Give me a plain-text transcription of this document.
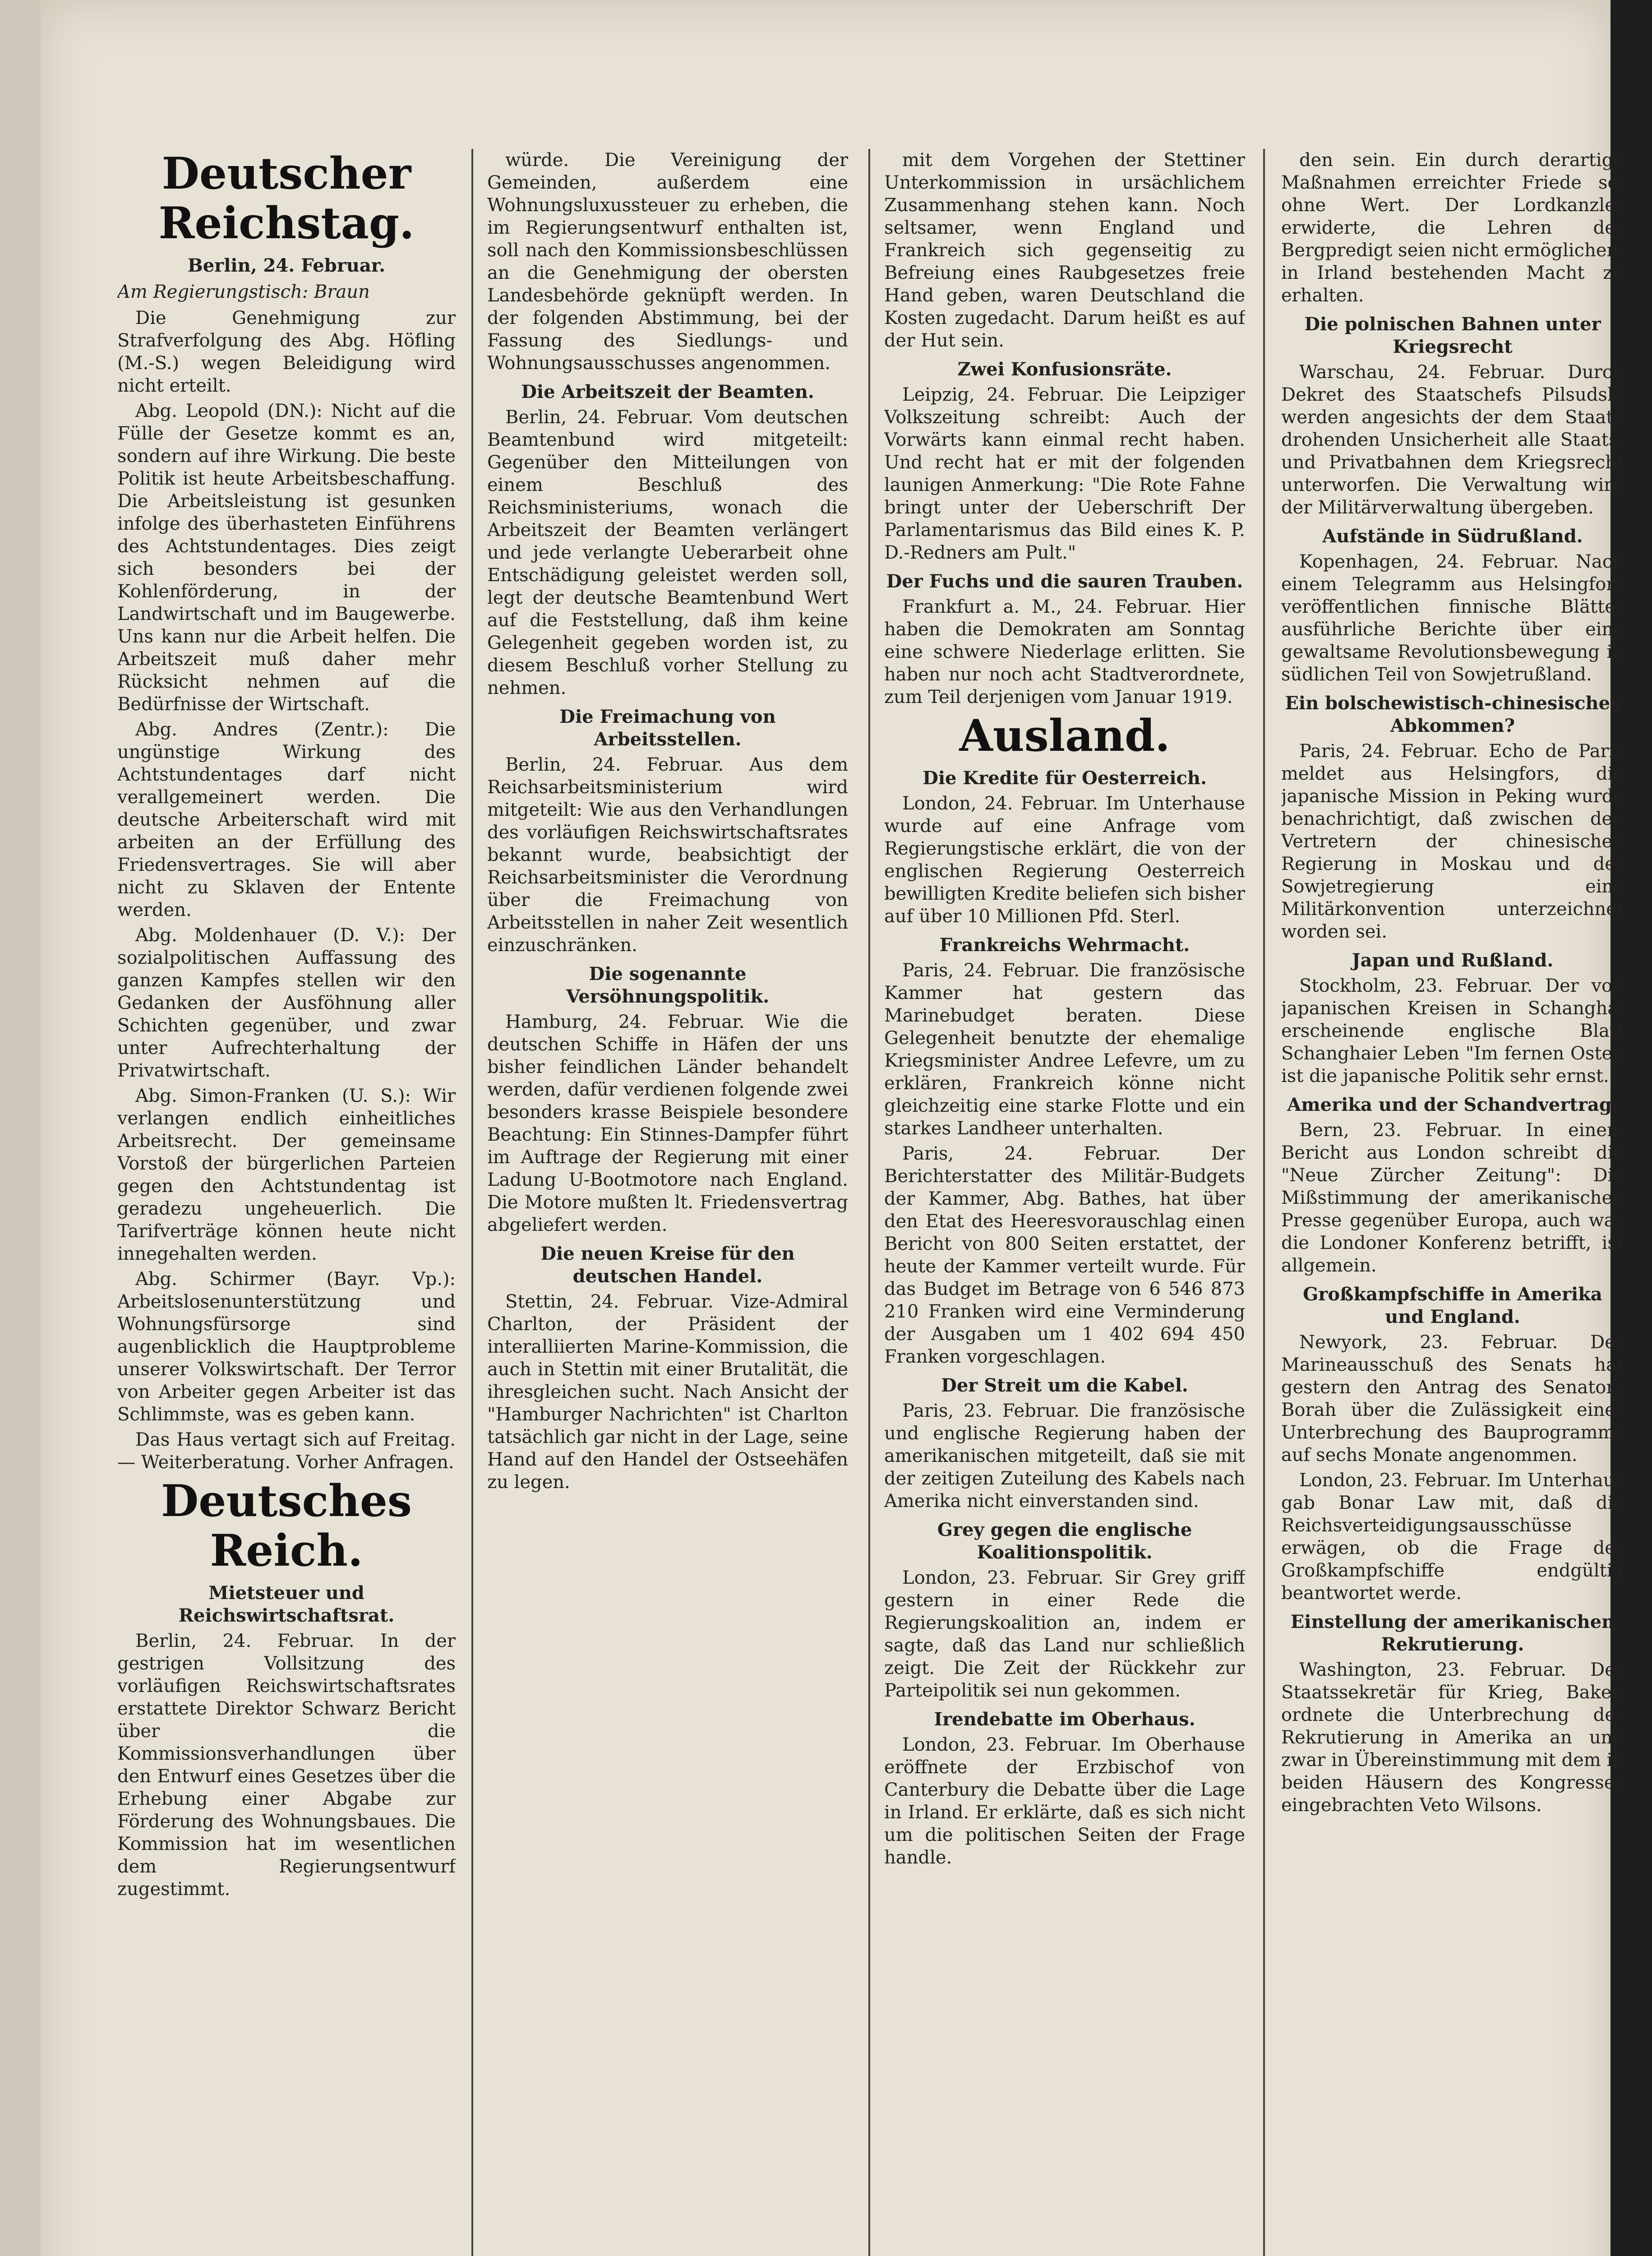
Deutscher Reichstag.
Berlin, 24. Februar.
Am Regierungstisch: Braun

Die Genehmigung zur Strafverfolgung des Abg. Höfling (M.-S.) wegen Beleidigung wird nicht erteilt.

Abg. Leopold (DN.): Nicht auf die Fülle der Gesetze kommt es an, sondern auf ihre Wirkung. Die beste Politik ist heute Arbeitsbeschaffung. Die Arbeitsleistung ist gesunken infolge des überhasteten Einführens des Achtstundentages. Dies zeigt sich besonders bei der Kohlenförderung, in der Landwirtschaft und im Baugewerbe. Uns kann nur die Arbeit helfen. Die Arbeitszeit muß daher mehr Rücksicht nehmen auf die Bedürfnisse der Wirtschaft.

Abg. Andres (Zentr.): Die ungünstige Wirkung des Achtstundentages darf nicht verallgemeinert werden. Die deutsche Arbeiterschaft wird mit arbeiten an der Erfüllung des Friedensvertrages. Sie will aber nicht zu Sklaven der Entente werden.

Abg. Moldenhauer (D. V.): Der sozialpolitischen Auffassung des ganzen Kampfes stellen wir den Gedanken der Ausföhnung aller Schichten gegenüber, und zwar unter Aufrechterhaltung der Privatwirtschaft.

Abg. Simon-Franken (U. S.): Wir verlangen endlich einheitliches Arbeitsrecht. Der gemeinsame Vorstoß der bürgerlichen Parteien gegen den Achtstundentag ist geradezu ungeheuerlich. Die Tarifverträge können heute nicht innegehalten werden.

Abg. Schirmer (Bayr. Vp.): Arbeitslosenunterstützung und Wohnungsfürsorge sind augenblicklich die Hauptprobleme unserer Volkswirtschaft. Der Terror von Arbeiter gegen Arbeiter ist das Schlimmste, was es geben kann.

Das Haus vertagt sich auf Freitag. — Weiterberatung. Vorher Anfragen.

Deutsches Reich.
Mietsteuer und Reichswirtschaftsrat.

Berlin, 24. Februar. In der gestrigen Vollsitzung des vorläufigen Reichswirtschaftsrates erstattete Direktor Schwarz Bericht über die Kommissionsverhandlungen über den Entwurf eines Gesetzes über die Erhebung einer Abgabe zur Förderung des Wohnungsbaues. Die Kommission hat im wesentlichen dem Regierungsentwurf zugestimmt.

würde. Die Vereinigung der Gemeinden, außerdem eine Wohnungsluxussteuer zu erheben, die im Regierungsentwurf enthalten ist, soll nach den Kommissionsbeschlüssen an die Genehmigung der obersten Landesbehörde geknüpft werden. In der folgenden Abstimmung, bei der Fassung des Siedlungs- und Wohnungsausschusses angenommen.

Die Arbeitszeit der Beamten.

Berlin, 24. Februar. Vom deutschen Beamtenbund wird mitgeteilt: Gegenüber den Mitteilungen von einem Beschluß des Reichsministeriums, wonach die Arbeitszeit der Beamten verlängert und jede verlangte Ueberarbeit ohne Entschädigung geleistet werden soll, legt der deutsche Beamtenbund Wert auf die Feststellung, daß ihm keine Gelegenheit gegeben worden ist, zu diesem Beschluß vorher Stellung zu nehmen.

Die Freimachung von Arbeitsstellen.

Berlin, 24. Februar. Aus dem Reichsarbeitsministerium wird mitgeteilt: Wie aus den Verhandlungen des vorläufigen Reichswirtschaftsrates bekannt wurde, beabsichtigt der Reichsarbeitsminister die Verordnung über die Freimachung von Arbeitsstellen in naher Zeit wesentlich einzuschränken.

Die sogenannte Versöhnungspolitik.

Hamburg, 24. Februar. Wie die deutschen Schiffe in Häfen der uns bisher feindlichen Länder behandelt werden, dafür verdienen folgende zwei besonders krasse Beispiele besondere Beachtung: Ein Stinnes-Dampfer führt im Auftrage der Regierung mit einer Ladung U-Bootmotore nach England. Die Motore mußten lt. Friedensvertrag abgeliefert werden.

Die neuen Kreise für den deutschen Handel.

Stettin, 24. Februar. Vize-Admiral Charlton, der Präsident der interalliierten Marine-Kommission, die auch in Stettin mit einer Brutalität, die ihresgleichen sucht. Nach Ansicht der "Hamburger Nachrichten" ist Charlton tatsächlich gar nicht in der Lage, seine Hand auf den Handel der Ostseehäfen zu legen.

mit dem Vorgehen der Stettiner Unterkommission in ursächlichem Zusammenhang stehen kann. Noch seltsamer, wenn England und Frankreich sich gegenseitig zu Befreiung eines Raubgesetzes freie Hand geben, waren Deutschland die Kosten zugedacht. Darum heißt es auf der Hut sein.

Zwei Konfusionsräte.

Leipzig, 24. Februar. Die Leipziger Volkszeitung schreibt: Auch der Vorwärts kann einmal recht haben. Und recht hat er mit der folgenden launigen Anmerkung: "Die Rote Fahne bringt unter der Ueberschrift Der Parlamentarismus das Bild eines K. P. D.-Redners am Pult."

Der Fuchs und die sauren Trauben.

Frankfurt a. M., 24. Februar. Hier haben die Demokraten am Sonntag eine schwere Niederlage erlitten. Sie haben nur noch acht Stadtverordnete, zum Teil derjenigen vom Januar 1919.

Ausland.
Die Kredite für Oesterreich.

London, 24. Februar. Im Unterhause wurde auf eine Anfrage vom Regierungstische erklärt, die von der englischen Regierung Oesterreich bewilligten Kredite beliefen sich bisher auf über 10 Millionen Pfd. Sterl.

Frankreichs Wehrmacht.

Paris, 24. Februar. Die französische Kammer hat gestern das Marinebudget beraten. Diese Gelegenheit benutzte der ehemalige Kriegsminister Andree Lefevre, um zu erklären, Frankreich könne nicht gleichzeitig eine starke Flotte und ein starkes Landheer unterhalten.

Paris, 24. Februar. Der Berichterstatter des Militär-Budgets der Kammer, Abg. Bathes, hat über den Etat des Heeresvorauschlag einen Bericht von 800 Seiten erstattet, der heute der Kammer verteilt wurde. Für das Budget im Betrage von 6 546 873 210 Franken wird eine Verminderung der Ausgaben um 1 402 694 450 Franken vorgeschlagen.

Der Streit um die Kabel.

Paris, 23. Februar. Die französische und englische Regierung haben der amerikanischen mitgeteilt, daß sie mit der zeitigen Zuteilung des Kabels nach Amerika nicht einverstanden sind.

Grey gegen die englische Koalitionspolitik.

London, 23. Februar. Sir Grey griff gestern in einer Rede die Regierungskoalition an, indem er sagte, daß das Land nur schließlich zeigt. Die Zeit der Rückkehr zur Parteipolitik sei nun gekommen.

Irendebatte im Oberhaus.

London, 23. Februar. Im Oberhause eröffnete der Erzbischof von Canterbury die Debatte über die Lage in Irland. Er erklärte, daß es sich nicht um die politischen Seiten der Frage handle.

den sein. Ein durch derartige Maßnahmen erreichter Friede sei ohne Wert. Der Lordkanzler erwiderte, die Lehren der Bergpredigt seien nicht ermöglichen, in Irland bestehenden Macht zu erhalten.

Die polnischen Bahnen unter Kriegsrecht

Warschau, 24. Februar. Durch Dekret des Staatschefs Pilsudski werden angesichts der dem Staate drohenden Unsicherheit alle Staats- und Privatbahnen dem Kriegsrecht unterworfen. Die Verwaltung wird der Militärverwaltung übergeben.

Aufstände in Südrußland.

Kopenhagen, 24. Februar. Nach einem Telegramm aus Helsingfors veröffentlichen finnische Blätter ausführliche Berichte über eine gewaltsame Revolutionsbewegung in südlichen Teil von Sowjetrußland.

Ein bolschewistisch-chinesisches Abkommen?

Paris, 24. Februar. Echo de Paris meldet aus Helsingfors, die japanische Mission in Peking wurde benachrichtigt, daß zwischen den Vertretern der chinesischen Regierung in Moskau und der Sowjetregierung eine Militärkonvention unterzeichnet worden sei.

Japan und Rußland.

Stockholm, 23. Februar. Der von japanischen Kreisen in Schanghai erscheinende englische Blatt Schanghaier Leben "Im fernen Osten ist die japanische Politik sehr ernst."

Amerika und der Schandvertrag.

Bern, 23. Februar. In einem Bericht aus London schreibt die "Neue Zürcher Zeitung": Die Mißstimmung der amerikanischen Presse gegenüber Europa, auch was die Londoner Konferenz betrifft, ist allgemein.

Großkampfschiffe in Amerika und England.

Newyork, 23. Februar. Der Marineausschuß des Senats hat gestern den Antrag des Senators Borah über die Zulässigkeit einer Unterbrechung des Bauprogramms auf sechs Monate angenommen.

London, 23. Februar. Im Unterhaus gab Bonar Law mit, daß die Reichsverteidigungsausschüsse erwägen, ob die Frage der Großkampfschiffe endgültig beantwortet werde.

Einstellung der amerikanischen Rekrutierung.

Washington, 23. Februar. Der Staatssekretär für Krieg, Baker, ordnete die Unterbrechung der Rekrutierung in Amerika an und zwar in Übereinstimmung mit dem in beiden Häusern des Kongresses eingebrachten Veto Wilsons.
